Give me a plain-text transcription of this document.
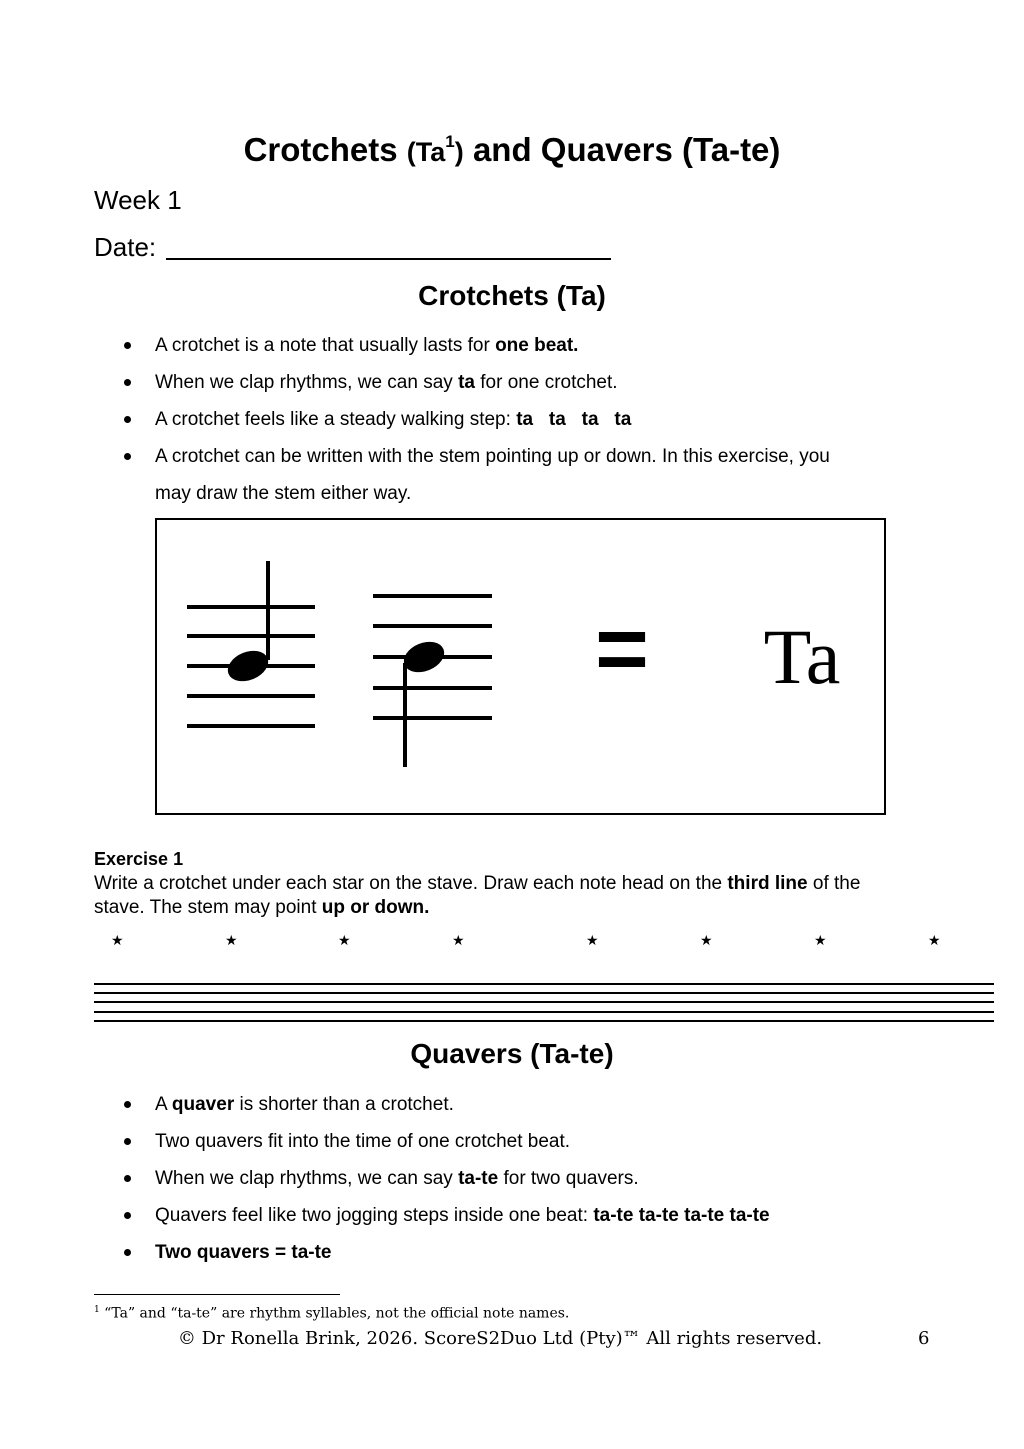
Crotchets (Ta$^1$) and Quavers (Ta-te)
Week 1
Date:
Crotchets (Ta)
A crotchet is a note that usually lasts for one beat.
When we clap rhythms, we can say ta for one crotchet.
A crotchet feels like a steady walking step: ta   ta   ta   ta
A crotchet can be written with the stem pointing up or down. In this exercise, you
may draw the stem either way.
= Ta
Exercise 1
Write a crotchet under each star on the stave. Draw each note head on the third line of the
stave. The stem may point up or down.
★	★	★	★	★	★	★	★
Quavers (Ta-te)
A quaver is shorter than a crotchet.
Two quavers fit into the time of one crotchet beat.
When we clap rhythms, we can say ta-te for two quavers.
Quavers feel like two jogging steps inside one beat: ta-te ta-te ta-te ta-te
Two quavers = ta-te
$^1$ “Ta” and “ta-te” are rhythm syllables, not the official note names.
© Dr Ronella Brink, 2026. ScoreS2Duo Ltd (Pty)™ All rights reserved.	6
